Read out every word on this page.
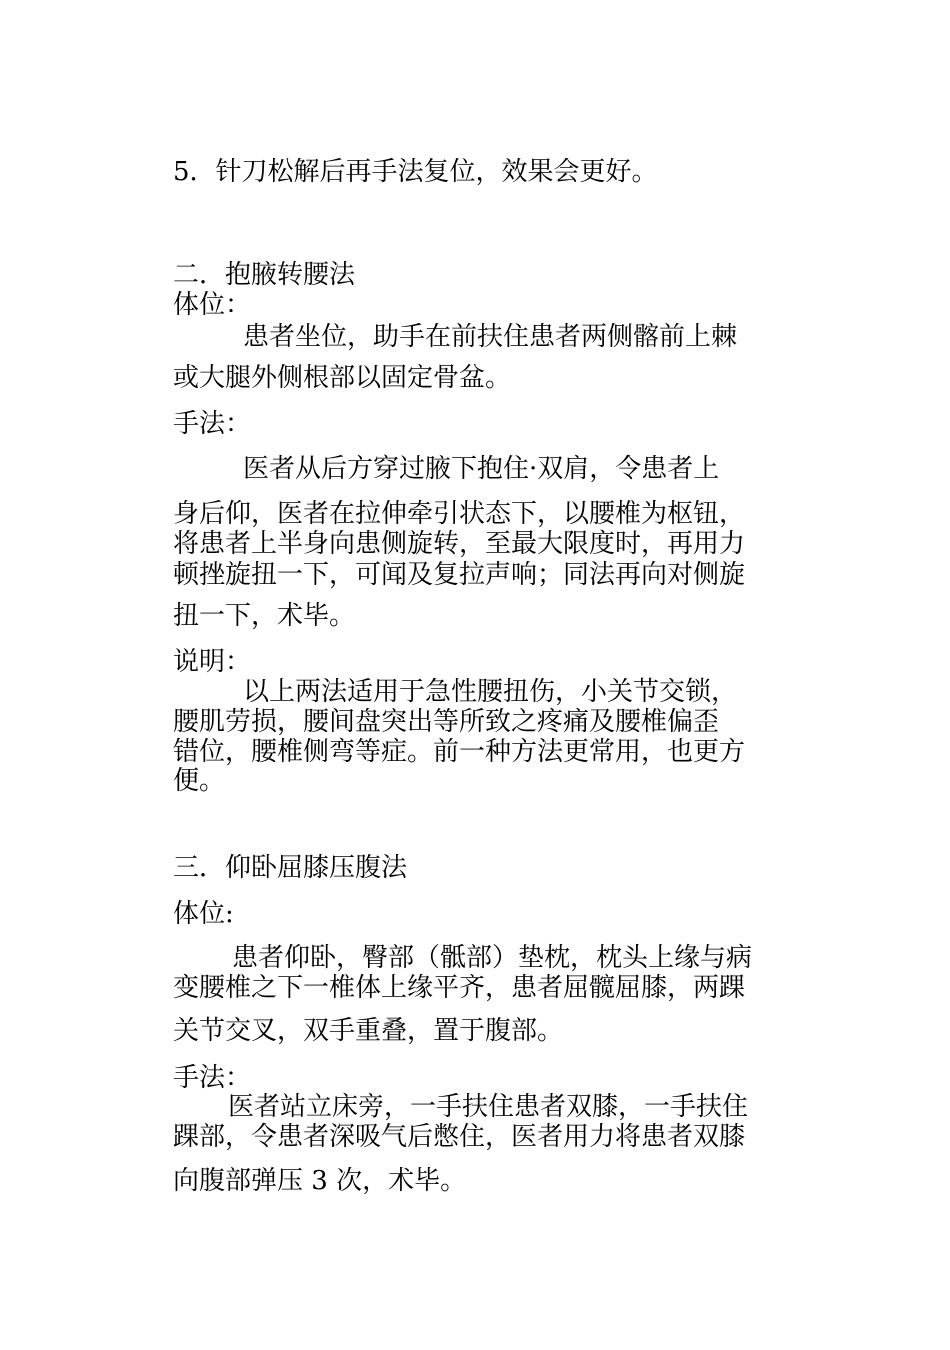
5．针刀松解后再手法复位，效果会更好。

二．抱腋转腰法

体位：

患者坐位，助手在前扶住患者两侧髂前上棘

或大腿外侧根部以固定骨盆。

手法：

医者从后方穿过腋下抱住·双肩，令患者上

身后仰，医者在拉伸牵引状态下，以腰椎为枢钮，

将患者上半身向患侧旋转，至最大限度时，再用力

顿挫旋扭一下，可闻及复拉声响；同法再向对侧旋

扭一下，术毕。

说明：

以上两法适用于急性腰扭伤，小关节交锁，

腰肌劳损，腰间盘突出等所致之疼痛及腰椎偏歪

错位，腰椎侧弯等症。前一种方法更常用，也更方

便。

三．仰卧屈膝压腹法

体位:

患者仰卧，臀部（骶部）垫枕，枕头上缘与病

变腰椎之下一椎体上缘平齐，患者屈髋屈膝，两踝

关节交叉，双手重叠，置于腹部。

手法：

医者站立床旁，一手扶住患者双膝，一手扶住

踝部，令患者深吸气后憋住，医者用力将患者双膝

向腹部弹压 3 次，术毕。
